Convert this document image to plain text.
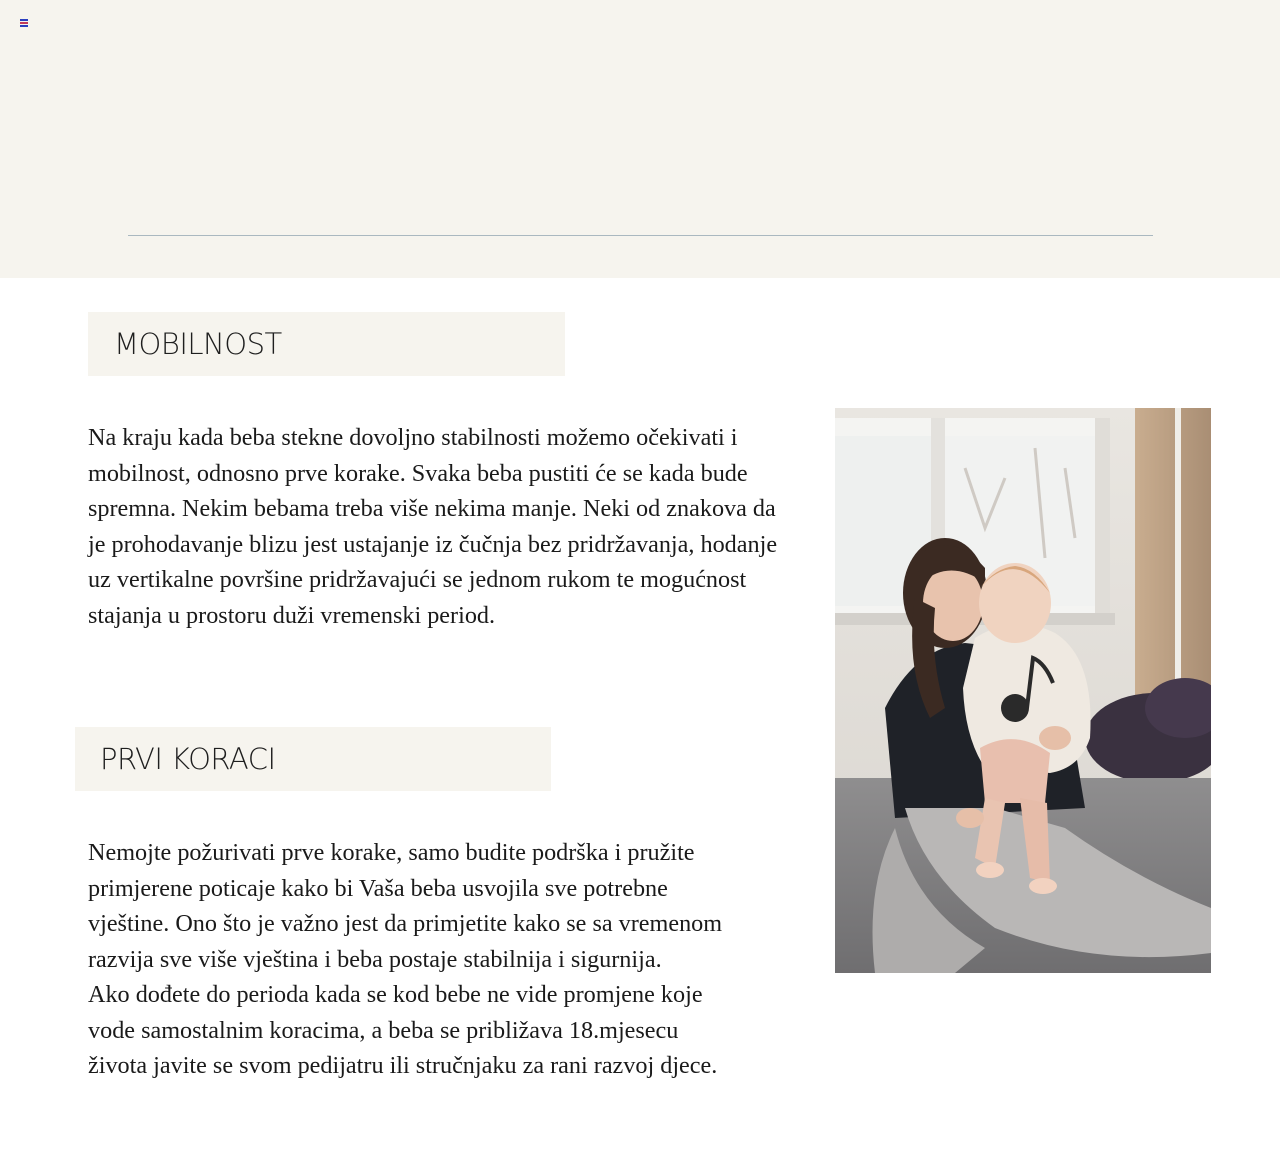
MOBILNOST

Na kraju kada beba stekne dovoljno stabilnosti možemo očekivati i mobilnost, odnosno prve korake. Svaka beba pustiti će se kada bude spremna. Nekim bebama treba više nekima manje. Neki od znakova da je prohodavanje blizu jest ustajanje iz čučnja bez pridržavanja, hodanje uz vertikalne površine pridržavajući se jednom rukom te mogućnost stajanja u prostoru duži vremenski period.

PRVI KORACI

Nemojte požurivati prve korake, samo budite podrška i pružite primjerene poticaje kako bi Vaša beba usvojila sve potrebne vještine. Ono što je važno jest da primjetite kako se sa vremenom razvija sve više vještina i beba postaje stabilnija i sigurnija.
Ako dođete do perioda kada se kod bebe ne vide promjene koje vode samostalnim koracima, a beba se približava 18.mjesecu života javite se svom pedijatru ili stručnjaku za rani razvoj djece.
